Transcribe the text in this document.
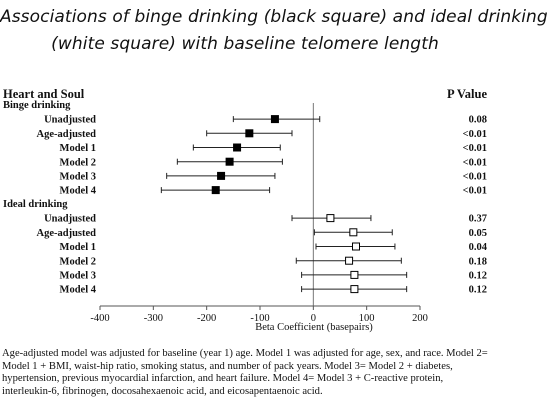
Associations of binge drinking (black square) and ideal drinking
(white square) with baseline telomere length
Heart and Soul	P Value
-400	-300	-200	-100	0	100	200
Binge drinking
Unadjusted	0.08
Age-adjusted	<0.01
Model 1	<0.01
Model 2	<0.01
Model 3	<0.01
Model 4	<0.01
Ideal drinking
Unadjusted	0.37
Age-adjusted	0.05
Model 1	0.04
Model 2	0.18
Model 3	0.12
Model 4	0.12
Beta Coefficient (basepairs)
Age-adjusted model was adjusted for baseline (year 1) age. Model 1 was adjusted for age, sex, and race. Model 2= Model 1 + BMI, waist-hip ratio, smoking status, and number of pack years. Model 3= Model 2 + diabetes, hypertension, previous myocardial infarction, and heart failure. Model 4= Model 3 + C-reactive protein, interleukin-6, fibrinogen, docosahexaenoic acid, and eicosapentaenoic acid.
